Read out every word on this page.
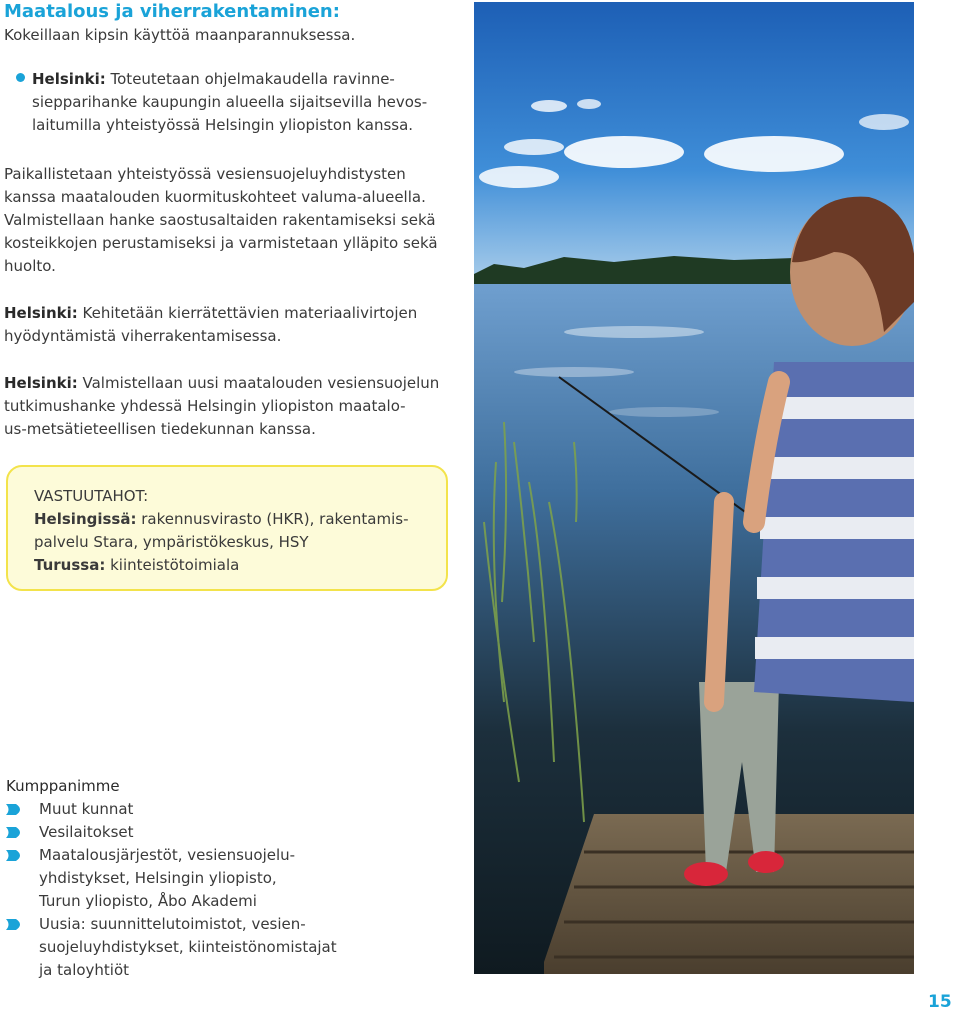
Maatalous ja viherrakentaminen:
Kokeillaan kipsin käyttöä maanparannuksessa.
Helsinki: Toteutetaan ohjelmakaudella ravinne-
siepparihanke kaupungin alueella sijaitsevilla hevos-
laitumilla yhteistyössä Helsingin yliopiston kanssa.
Paikallistetaan yhteistyössä vesiensuojeluyhdistysten
kanssa maatalouden kuormituskohteet valuma-alueella.
Valmistellaan hanke saostusaltaiden rakentamiseksi sekä
kosteikkojen perustamiseksi ja varmistetaan ylläpito sekä
huolto.
Helsinki: Kehitetään kierrätettävien materiaalivirtojen
hyödyntämistä viherrakentamisessa.
Helsinki: Valmistellaan uusi maatalouden vesiensuojelun
tutkimushanke yhdessä Helsingin yliopiston maatalo-
us-metsätieteellisen tiedekunnan kanssa.
VASTUUTAHOT:
Helsingissä: rakennusvirasto (HKR), rakentamis-
palvelu Stara, ympäristökeskus, HSY
Turussa: kiinteistötoimiala
Kumppanimme
Muut kunnat
Vesilaitokset
Maatalousjärjestöt, vesiensuojelu-
yhdistykset, Helsingin yliopisto,
Turun yliopisto, Åbo Akademi
Uusia: suunnittelutoimistot, vesien-
suojeluyhdistykset, kiinteistönomistajat
ja taloyhtiöt
15
